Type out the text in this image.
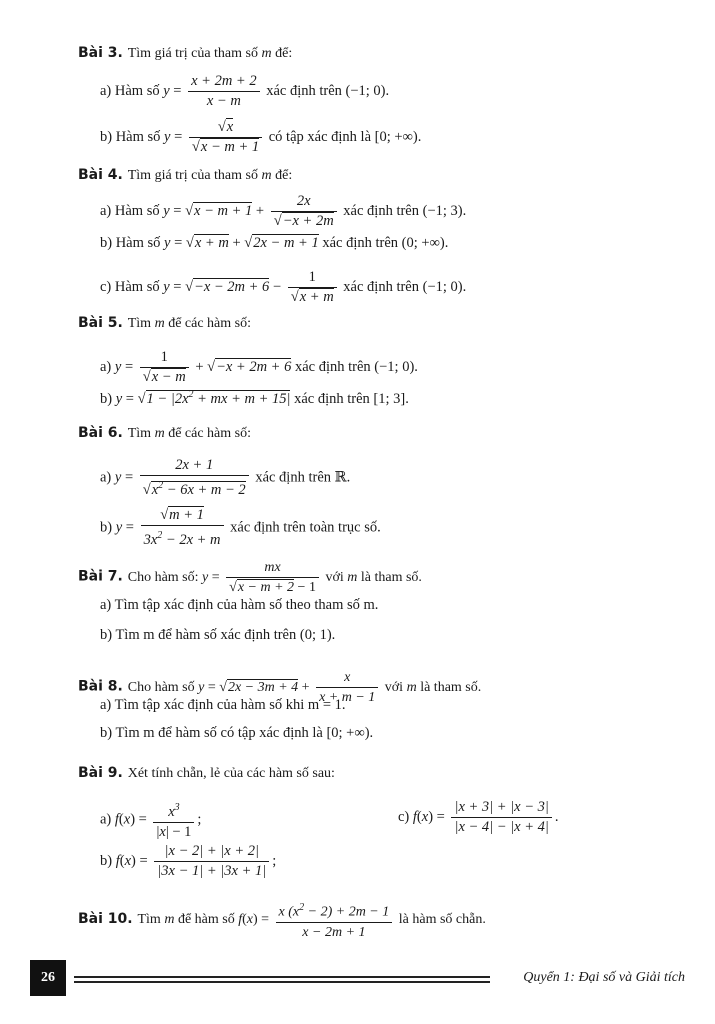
Bài 3. Tìm giá trị của tham số m để:
a) Hàm số $y = \frac{x + 2m + 2}{x - m}$ xác định trên (−1; 0).
b) Hàm số $y = \frac{√x}{√x - m + 1}$ có tập xác định là [0; +∞).
Bài 4. Tìm giá trị của tham số m để:
a) Hàm số $y = √x - m + 1 + \frac{2x}{√-x + 2m}$ xác định trên (−1; 3).
b) Hàm số y = √x + m + √2x − m + 1 xác định trên (0; +∞).
c) Hàm số $y = √-x - 2m + 6 - \frac{1}{√x + m}$ xác định trên (−1; 0).
Bài 5. Tìm m để các hàm số:
a) $y = \frac{1}{√x - m} + √-x + 2m + 6$ xác định trên (−1; 0).
b) $y = √1 - |2x^2$ + mx + m + 15| xác định trên [1; 3].
Bài 6. Tìm m để các hàm số:
a) $y = \frac{2x + 1}{√x^2 - 6x + m - 2}$ xác định trên ℝ.
b) $y = \frac{√m + 1}{3x^2 - 2x + m}$ xác định trên toàn trục số.
Bài 7. Cho hàm số: $y = \frac{mx}{√x - m + 2 - 1}$ với m là tham số.
a) Tìm tập xác định của hàm số theo tham số m.
b) Tìm m để hàm số xác định trên (0; 1).
Bài 8. Cho hàm số $y = √2x - 3m + 4 + \frac{x}{x + m - 1}$ với m là tham số.
a) Tìm tập xác định của hàm số khi m = 1.
b) Tìm m để hàm số có tập xác định là [0; +∞).
Bài 9. Xét tính chẵn, lẻ của các hàm số sau:
a) $f(x) = \frac{x^3}{|x| - 1}$ ;	c) $f(x) = \frac{|x + 3| + |x - 3|}{|x - 4| - |x + 4|}$ .
b) $f(x) = \frac{|x - 2| + |x + 2|}{|3x - 1| + |3x + 1|}$ ;
Bài 10. Tìm m để hàm số $f(x) = \frac{x (x^2 - 2) + 2m - 1}{x - 2m + 1}$ là hàm số chẵn.
26	Quyển 1: Đại số và Giải tích
